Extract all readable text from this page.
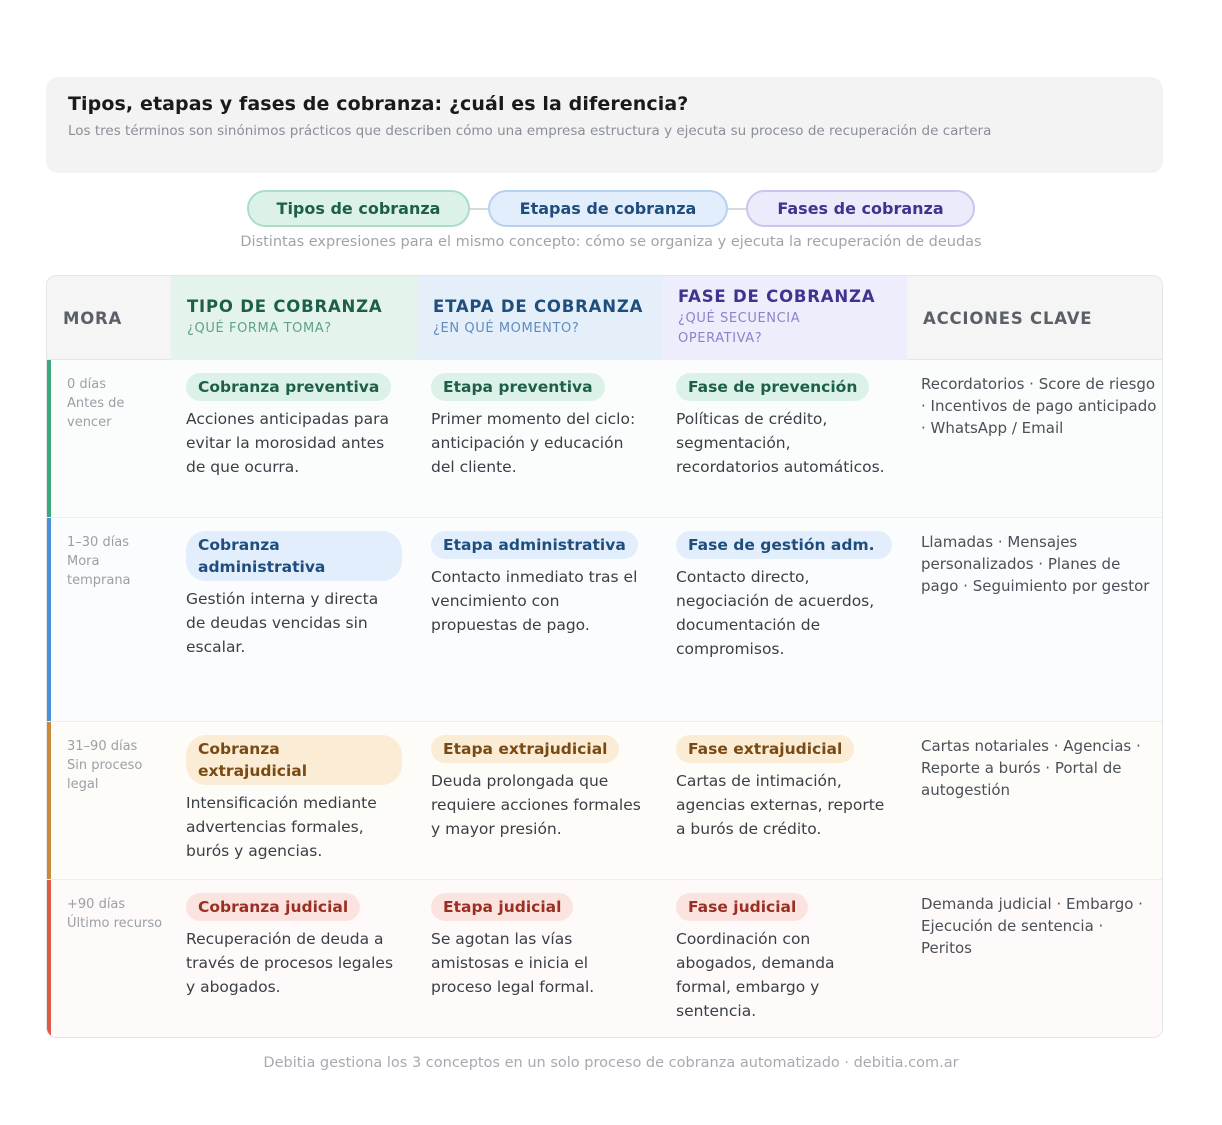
Tipos, etapas y fases de cobranza: ¿cuál es la diferencia?
Los tres términos son sinónimos prácticos que describen cómo una empresa estructura y ejecuta su proceso de recuperación de cartera
Tipos de cobranza	Etapas de cobranza	Fases de cobranza
Distintas expresiones para el mismo concepto: cómo se organiza y ejecuta la recuperación de deudas
MORA
TIPO DE COBRANZA
¿QUÉ FORMA TOMA?
ETAPA DE COBRANZA
¿EN QUÉ MOMENTO?
FASE DE COBRANZA
¿QUÉ SECUENCIA OPERATIVA?
ACCIONES CLAVE
0 días
Antes de vencer
Cobranza preventiva
Acciones anticipadas para evitar la morosidad antes de que ocurra.
Etapa preventiva
Primer momento del ciclo: anticipación y educación del cliente.
Fase de prevención
Políticas de crédito, segmentación, recordatorios automáticos.
Recordatorios · Score de riesgo · Incentivos de pago anticipado · WhatsApp / Email
1–30 días
Mora temprana
Cobranza administrativa
Gestión interna y directa de deudas vencidas sin escalar.
Etapa administrativa
Contacto inmediato tras el vencimiento con propuestas de pago.
Fase de gestión adm.
Contacto directo, negociación de acuerdos, documentación de compromisos.
Llamadas · Mensajes personalizados · Planes de pago · Seguimiento por gestor
31–90 días
Sin proceso legal
Cobranza extrajudicial
Intensificación mediante advertencias formales, burós y agencias.
Etapa extrajudicial
Deuda prolongada que requiere acciones formales y mayor presión.
Fase extrajudicial
Cartas de intimación, agencias externas, reporte a burós de crédito.
Cartas notariales · Agencias · Reporte a burós · Portal de autogestión
+90 días
Último recurso
Cobranza judicial
Recuperación de deuda a través de procesos legales y abogados.
Etapa judicial
Se agotan las vías amistosas e inicia el proceso legal formal.
Fase judicial
Coordinación con abogados, demanda formal, embargo y sentencia.
Demanda judicial · Embargo · Ejecución de sentencia · Peritos
Debitia gestiona los 3 conceptos en un solo proceso de cobranza automatizado · debitia.com.ar
